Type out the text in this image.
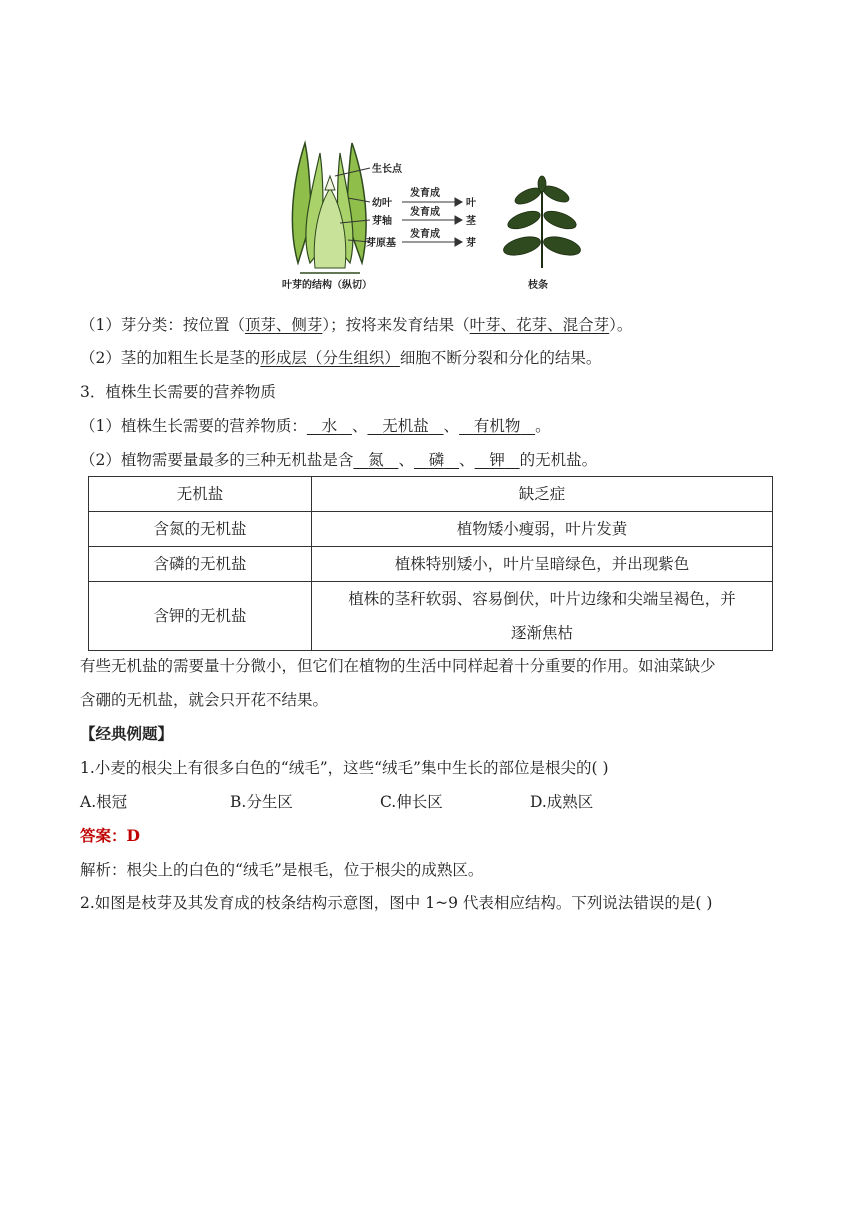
生长点
幼叶
芽轴
芽原基
发育成
发育成
发育成
叶
茎
芽
叶芽的结构（纵切）	枝条
（1）芽分类：按位置（顶芽、侧芽）；按将来发育结果（叶芽、花芽、混合芽）。
（2）茎的加粗生长是茎的形成层（分生组织）细胞不断分裂和分化的结果。
3．植株生长需要的营养物质
（1）植株生长需要的营养物质： 水 、 无机盐 、 有机物 。
（2）植物需要量最多的三种无机盐是含 氮 、 磷 、 钾 的无机盐。
无机盐	缺乏症
含氮的无机盐	植物矮小瘦弱，叶片发黄
含磷的无机盐	植株特别矮小，叶片呈暗绿色，并出现紫色
含钾的无机盐	植株的茎秆软弱、容易倒伏，叶片边缘和尖端呈褐色，并
逐渐焦枯
有些无机盐的需要量十分微小，但它们在植物的生活中同样起着十分重要的作用。如油菜缺少
含硼的无机盐，就会只开花不结果。
【经典例题】
1.小麦的根尖上有很多白色的“绒毛”，这些“绒毛”集中生长的部位是根尖的( )
A.根冠	B.分生区	C.伸长区	D.成熟区
答案：D
解析：根尖上的白色的“绒毛”是根毛，位于根尖的成熟区。
2.如图是枝芽及其发育成的枝条结构示意图，图中 1~9 代表相应结构。下列说法错误的是( )
